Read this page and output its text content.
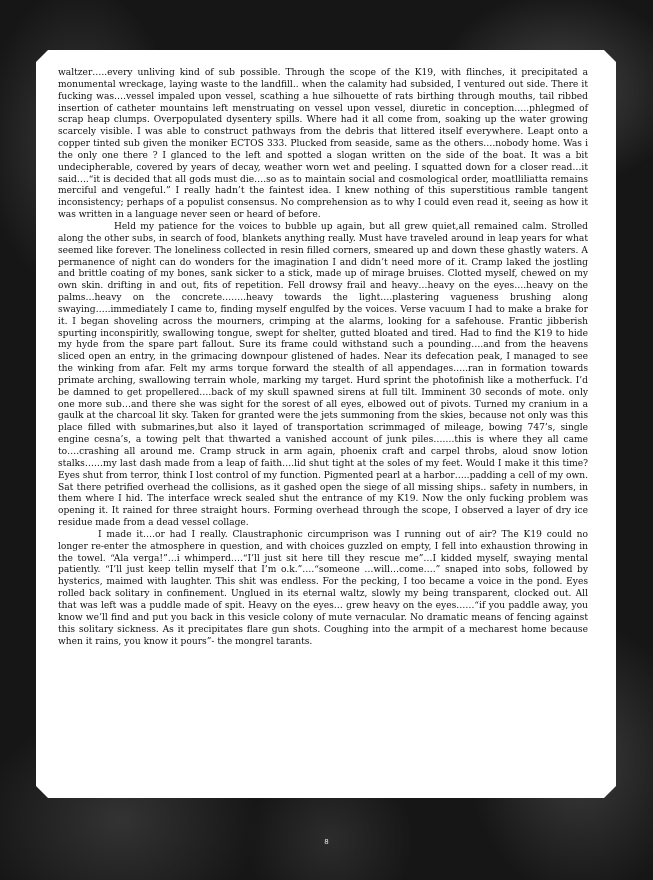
waltzer…..every unliving kind of sub possible. Through the scope of the K19, with flinches, it precipitated a monumental wreckage, laying waste to the landfill.. when the calamity had subsided, I ventured out side. There it fucking was….vessel impaled upon vessel, scathing a hue silhouette of rats birthing through mouths, tail ribbed insertion of catheter mountains left menstruating on vessel upon vessel, diuretic in conception…..phlegmed of scrap heap clumps. Overpopulated dysentery spills. Where had it all come from, soaking up the water growing scarcely visible. I was able to construct pathways from the debris that littered itself everywhere. Leapt onto a copper tinted sub given the moniker ECTOS 333. Plucked from seaside, same as the others….nobody home. Was i the only one there ? I glanced to the left and spotted a slogan written on the side of the boat. It was a bit undecipherable, covered by years of decay, weather worn wet and peeling. I squatted down for a closer read…it said….“it is decided that all gods must die….so as to maintain social and cosmological order, moatlliliatta remains merciful and vengeful.” I really hadn’t the faintest idea. I knew nothing of this superstitious ramble tangent inconsistency; perhaps of a populist consensus. No comprehension as to why I could even read it, seeing as how it was written in a language never seen or heard of before.

Held my patience for the voices to bubble up again, but all grew quiet,all remained calm. Strolled along the other subs, in search of food, blankets anything really. Must have traveled around in leap years for what seemed like forever. The loneliness collected in resin filled corners, smeared up and down these ghastly waters. A permanence of night can do wonders for the imagination I and didn’t need more of it. Cramp laked the jostling and brittle coating of my bones, sank sicker to a stick, made up of mirage bruises. Clotted myself, chewed on my own skin. drifting in and out, fits of repetition. Fell drowsy frail and heavy…heavy on the eyes….heavy on the palms…heavy on the concrete……..heavy towards the light….plastering vagueness brushing along swaying…..immediately I came to, finding myself engulfed by the voices. Verse vacuum I had to make a brake for it. I began shoveling across the mourners, crimping at the alarms, looking for a safehouse. Frantic jibberish spurting inconspiritly, swallowing tongue, swept for shelter, gutted bloated and tired. Had to find the K19 to hide my hyde from the spare part fallout. Sure its frame could withstand such a pounding….and from the heavens sliced open an entry, in the grimacing downpour glistened of hades. Near its defecation peak, I managed to see the winking from afar. Felt my arms torque forward the stealth of all appendages…..ran in formation towards primate arching, swallowing terrain whole, marking my target. Hurd sprint the photofinish like a motherfuck. I’d be damned to get propellered….back of my skull spawned sirens at full tilt. Imminent 30 seconds of mote. only one more sub…and there she was sight for the sorest of all eyes, elbowed out of pivots. Turned my cranium in a gaulk at the charcoal lit sky. Taken for granted were the jets summoning from the skies, because not only was this place filled with submarines,but also it layed of transportation scrimmaged of mileage, bowing 747’s, single engine cesna’s, a towing pelt that thwarted a vanished account of junk piles…….this is where they all came to….crashing all around me. Cramp struck in arm again, phoenix craft and carpel throbs, aloud snow lotion stalks……my last dash made from a leap of faith….lid shut tight at the soles of my feet. Would I make it this time? Eyes shut from terror, think I lost control of my function. Pigmented pearl at a harbor…..padding a cell of my own. Sat there petrified overhead the collisions, as it gashed open the siege of all missing ships.. safety in numbers, in them where I hid. The interface wreck sealed shut the entrance of my K19. Now the only fucking problem was opening it. It rained for three straight hours. Forming overhead through the scope, I observed a layer of dry ice residue made from a dead vessel collage.

I made it….or had I really. Claustraphonic circumprison was I running out of air? The K19 could no longer re-enter the atmosphere in question, and with choices guzzled on empty, I fell into exhaustion throwing in the towel. “Ala verga!”…i whimperd….“I’ll just sit here till they rescue me”…I kidded myself, swaying mental patiently. “I’ll just keep tellin myself that I’m o.k.”….“someone …will…come….” snaped into sobs, followed by hysterics, maimed with laughter. This shit was endless. For the pecking, I too became a voice in the pond. Eyes rolled back solitary in confinement. Unglued in its eternal waltz, slowly my being transparent, clocked out. All that was left was a puddle made of spit. Heavy on the eyes… grew heavy on the eyes……“if you paddle away, you know we’ll find and put you back in this vesicle colony of mute vernacular. No dramatic means of fencing against this solitary sickness. As it precipitates flare gun shots. Coughing into the armpit of a mecharest home because when it rains, you know it pours”- the mongrel tarants.

8
